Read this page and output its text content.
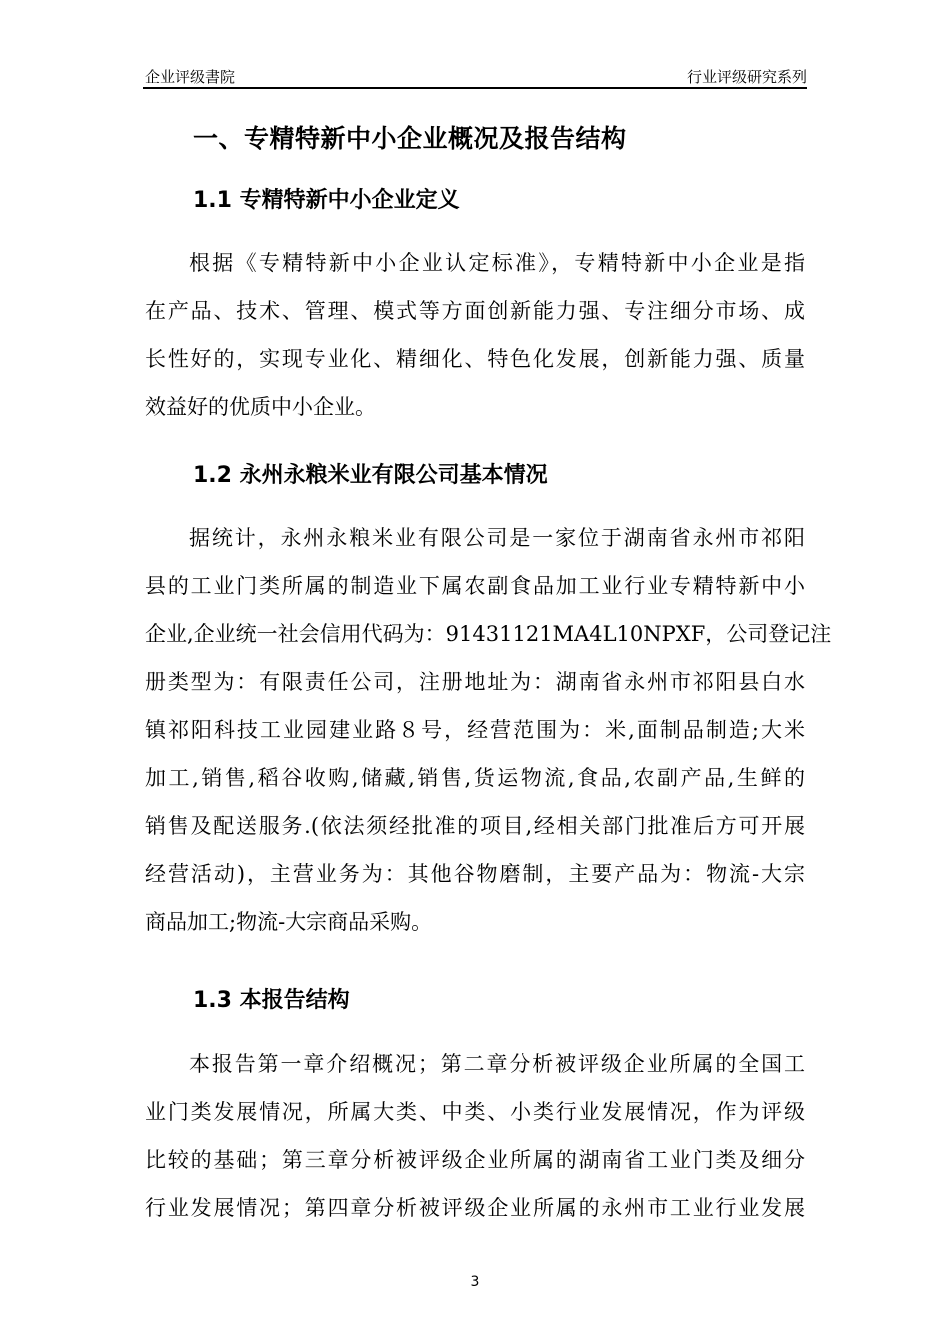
企业评级書院	行业评级研究系列
一、专精特新中小企业概况及报告结构
1.1 专精特新中小企业定义
根据《专精特新中小企业认定标准》，专精特新中小企业是指
在产品、技术、管理、模式等方面创新能力强、专注细分市场、成
长性好的，实现专业化、精细化、特色化发展，创新能力强、质量
效益好的优质中小企业。
1.2 永州永粮米业有限公司基本情况
据统计，永州永粮米业有限公司是一家位于湖南省永州市祁阳
县的工业门类所属的制造业下属农副食品加工业行业专精特新中小
企业,企业统一社会信用代码为：91431121MA4L10NPXF，公司登记注
册类型为：有限责任公司，注册地址为：湖南省永州市祁阳县白水
镇祁阳科技工业园建业路８号，经营范围为：米,面制品制造;大米
加工,销售,稻谷收购,储藏,销售,货运物流,食品,农副产品,生鲜的
销售及配送服务.(依法须经批准的项目,经相关部门批准后方可开展
经营活动)，主营业务为：其他谷物磨制，主要产品为：物流-大宗
商品加工;物流-大宗商品采购。
1.3 本报告结构
本报告第一章介绍概况；第二章分析被评级企业所属的全国工
业门类发展情况，所属大类、中类、小类行业发展情况，作为评级
比较的基础；第三章分析被评级企业所属的湖南省工业门类及细分
行业发展情况；第四章分析被评级企业所属的永州市工业行业发展
3
